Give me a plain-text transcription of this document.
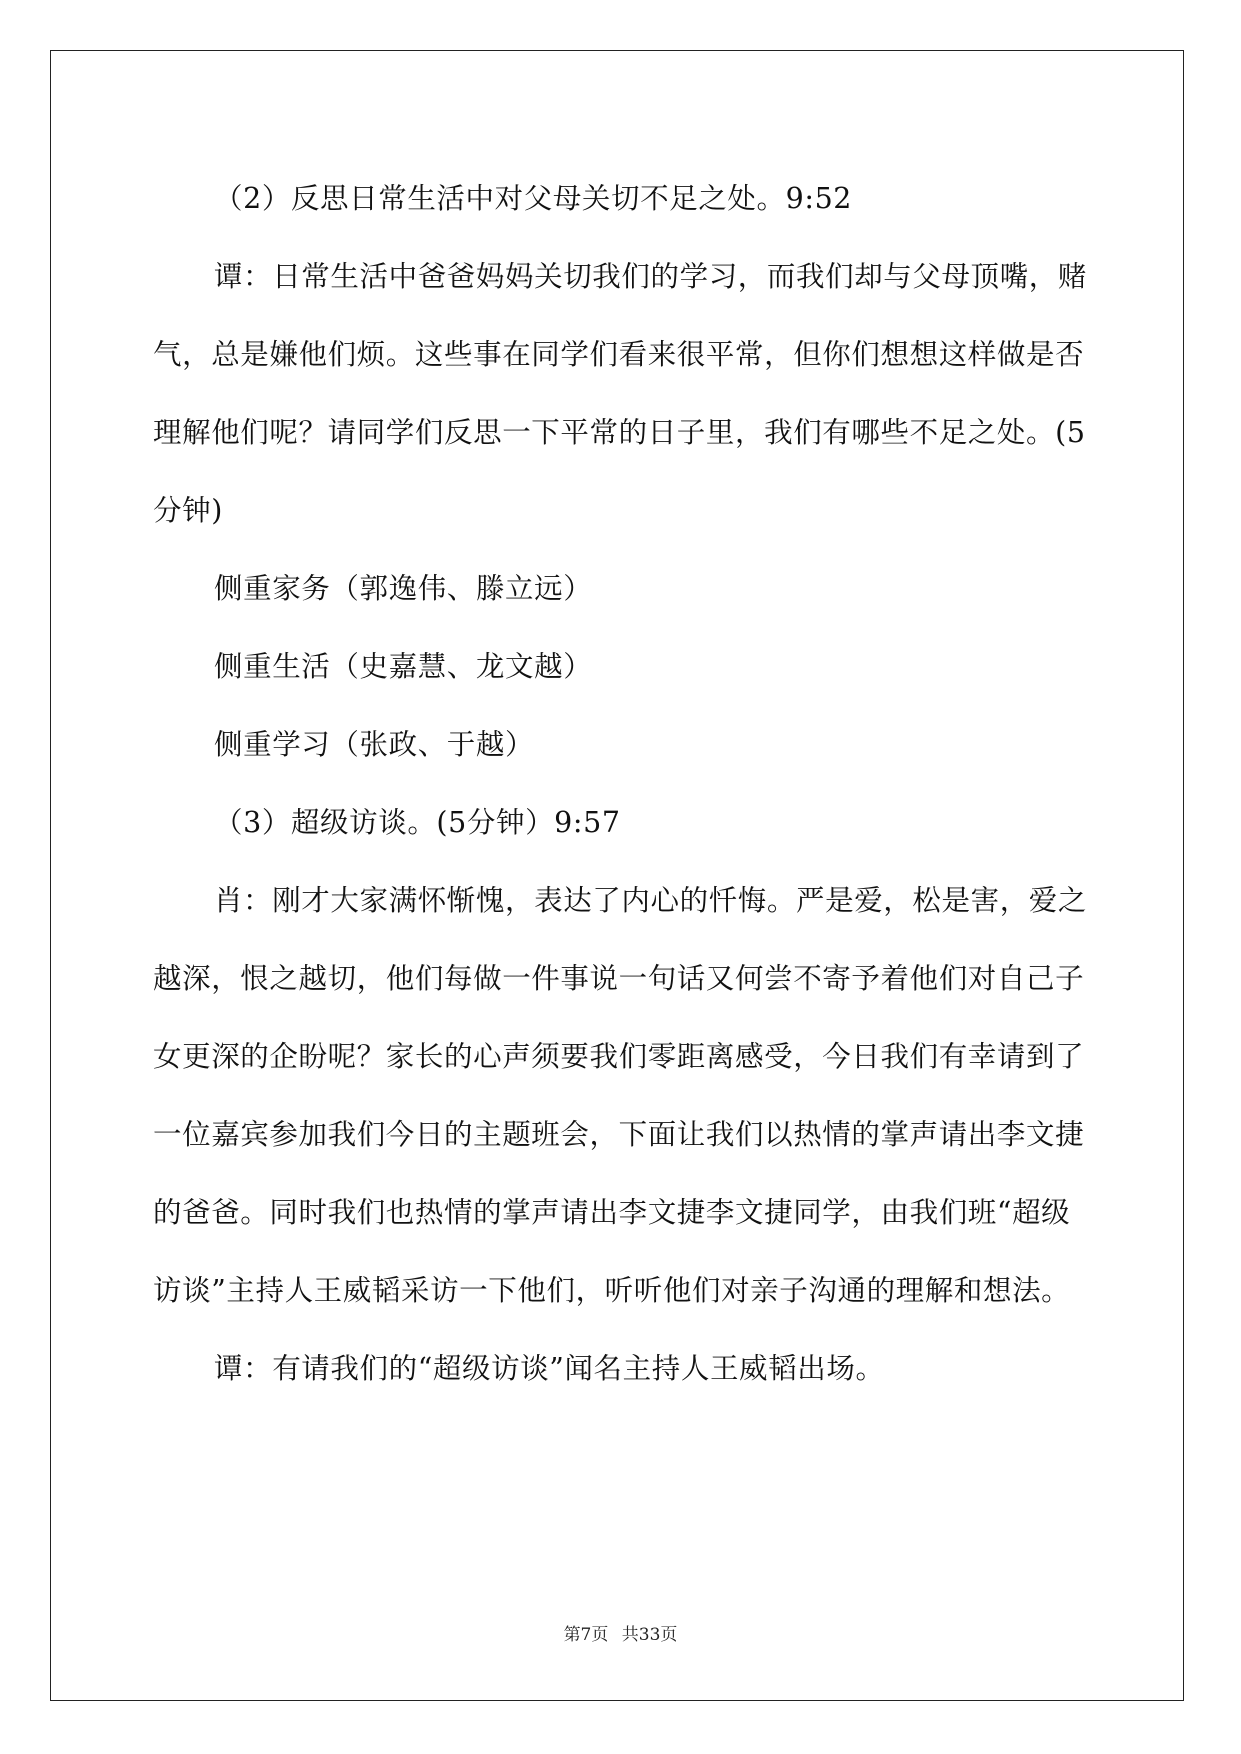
（2）反思日常生活中对父母关切不足之处。9:52

谭：日常生活中爸爸妈妈关切我们的学习，而我们却与父母顶嘴，赌气，总是嫌他们烦。这些事在同学们看来很平常，但你们想想这样做是否理解他们呢？请同学们反思一下平常的日子里，我们有哪些不足之处。(5分钟)

侧重家务（郭逸伟、滕立远）

侧重生活（史嘉慧、龙文越）

侧重学习（张政、于越）

（3）超级访谈。(5分钟）9:57

肖：刚才大家满怀惭愧，表达了内心的忏悔。严是爱，松是害，爱之越深，恨之越切，他们每做一件事说一句话又何尝不寄予着他们对自己子女更深的企盼呢？家长的心声须要我们零距离感受，今日我们有幸请到了一位嘉宾参加我们今日的主题班会，下面让我们以热情的掌声请出李文捷的爸爸。同时我们也热情的掌声请出李文捷李文捷同学，由我们班“超级访谈”主持人王威韬采访一下他们，听听他们对亲子沟通的理解和想法。

谭：有请我们的“超级访谈”闻名主持人王威韬出场。

第7页 共33页
